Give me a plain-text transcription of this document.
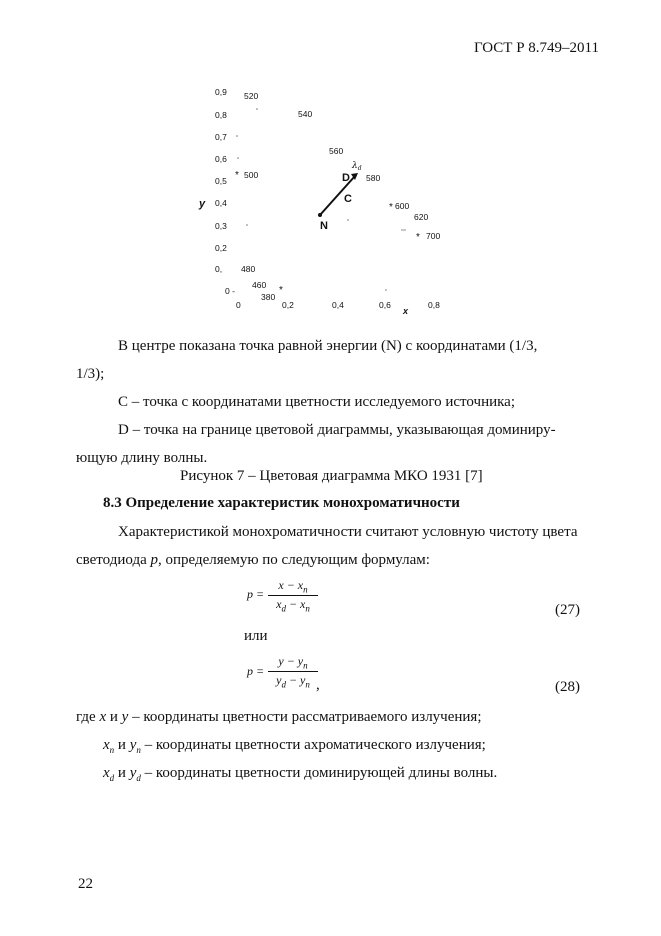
ГОСТ Р 8.749–2011
0,9
0,8
0,7
0,6
0,5
0,4
0,3
0,2
0,
0 -
y
x
0	0,2	0,4	0,6	0,8
520
540
560
580
500
600
620
700
480
460
380
*
*
*
*
N
C
D
$\lambda_d$
В центре показана точка равной энергии (N) с координатами (1/3,
1/3);
С – точка с координатами цветности исследуемого источника;
D – точка на границе цветовой диаграммы, указывающая доминиру-
ющую длину волны.
Рисунок 7 – Цветовая диаграмма МКО 1931 [7]
8.3 Определение характеристик монохроматичности
Характеристикой монохроматичности считают условную чистоту цвета
светодиода p, определяемую по следующим формулам:
$p = \frac{x - x_n}{x_d - x_n}$	(27)
или
$p = \frac{y - y_n}{y_d - y_n}$
,	(28)
где x и y – координаты цветности рассматриваемого излучения;
$x_n$ и $y_n$ – координаты цветности ахроматического излучения;
$x_d$ и $y_d$ – координаты цветности доминирующей длины волны.
22
